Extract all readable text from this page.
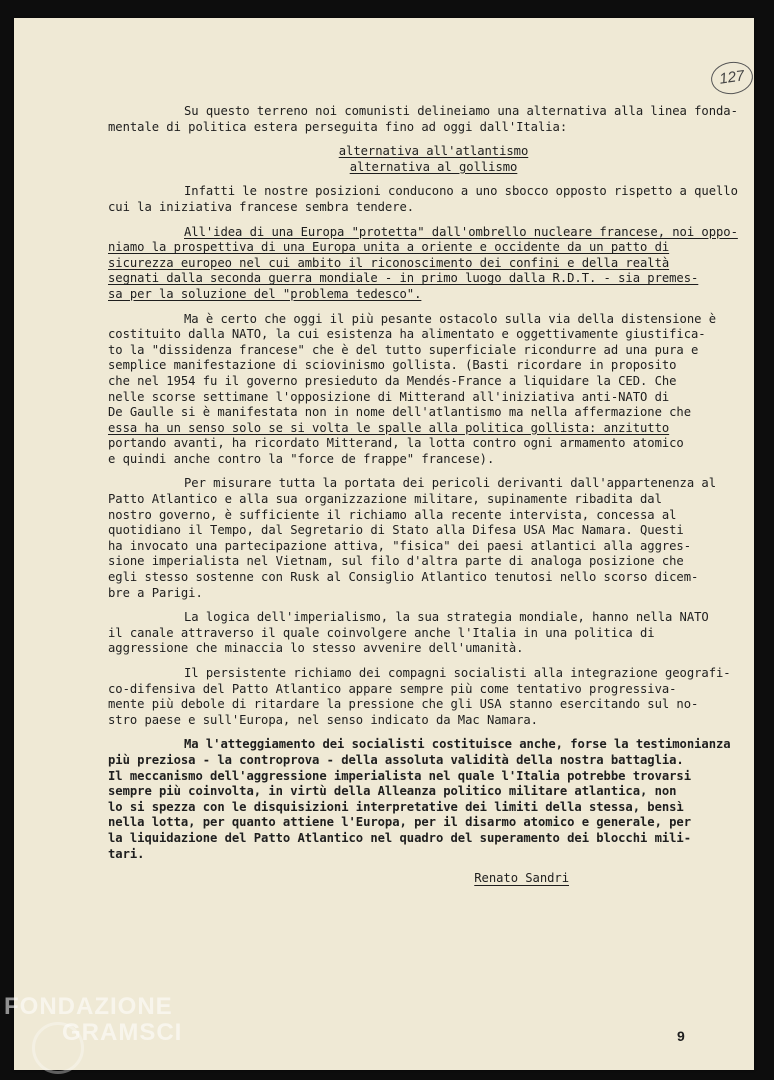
127

Su questo terreno noi comunisti delineiamo una alternativa alla linea fonda-
mentale di politica estera perseguita fino ad oggi dall'Italia:

alternativa all'atlantismo
alternativa al gollismo

Infatti le nostre posizioni conducono a uno sbocco opposto rispetto a quello
cui la iniziativa francese sembra tendere.

All'idea di una Europa "protetta" dall'ombrello nucleare francese, noi oppo-
niamo la prospettiva di una Europa unita a oriente e occidente da un patto di
sicurezza europeo nel cui ambito il riconoscimento dei confini e della realtà
segnati dalla seconda guerra mondiale - in primo luogo dalla R.D.T. - sia premes-
sa per la soluzione del "problema tedesco".

Ma è certo che oggi il più pesante ostacolo sulla via della distensione è
costituito dalla NATO, la cui esistenza ha alimentato e oggettivamente giustifica-
to la "dissidenza francese" che è del tutto superficiale ricondurre ad una pura e
semplice manifestazione di sciovinismo gollista. (Basti ricordare in proposito
che nel 1954 fu il governo presieduto da Mendés-France a liquidare la CED. Che
nelle scorse settimane l'opposizione di Mitterand all'iniziativa anti-NATO di
De Gaulle si è manifestata non in nome dell'atlantismo ma nella affermazione che
essa ha un senso solo se si volta le spalle alla politica gollista: anzitutto
portando avanti, ha ricordato Mitterand, la lotta contro ogni armamento atomico
e quindi anche contro la "force de frappe" francese).

Per misurare tutta la portata dei pericoli derivanti dall'appartenenza al
Patto Atlantico e alla sua organizzazione militare, supinamente ribadita dal
nostro governo, è sufficiente il richiamo alla recente intervista, concessa al
quotidiano il Tempo, dal Segretario di Stato alla Difesa USA Mac Namara. Questi
ha invocato una partecipazione attiva, "fisica" dei paesi atlantici alla aggres-
sione imperialista nel Vietnam, sul filo d'altra parte di analoga posizione che
egli stesso sostenne con Rusk al Consiglio Atlantico tenutosi nello scorso dicem-
bre a Parigi.

La logica dell'imperialismo, la sua strategia mondiale, hanno nella NATO
il canale attraverso il quale coinvolgere anche l'Italia in una politica di
aggressione che minaccia lo stesso avvenire dell'umanità.

Il persistente richiamo dei compagni socialisti alla integrazione geografi-
co-difensiva del Patto Atlantico appare sempre più come tentativo progressiva-
mente più debole di ritardare la pressione che gli USA stanno esercitando sul no-
stro paese e sull'Europa, nel senso indicato da Mac Namara.

Ma l'atteggiamento dei socialisti costituisce anche, forse la testimonianza
più preziosa - la controprova - della assoluta validità della nostra battaglia.
Il meccanismo dell'aggressione imperialista nel quale l'Italia potrebbe trovarsi
sempre più coinvolta, in virtù della Alleanza politico militare atlantica, non
lo si spezza con le disquisizioni interpretative dei limiti della stessa, bensì
nella lotta, per quanto attiene l'Europa, per il disarmo atomico e generale, per
la liquidazione del Patto Atlantico nel quadro del superamento dei blocchi mili-
tari.

Renato Sandri

9
FONDAZIONE
GRAMSCI
